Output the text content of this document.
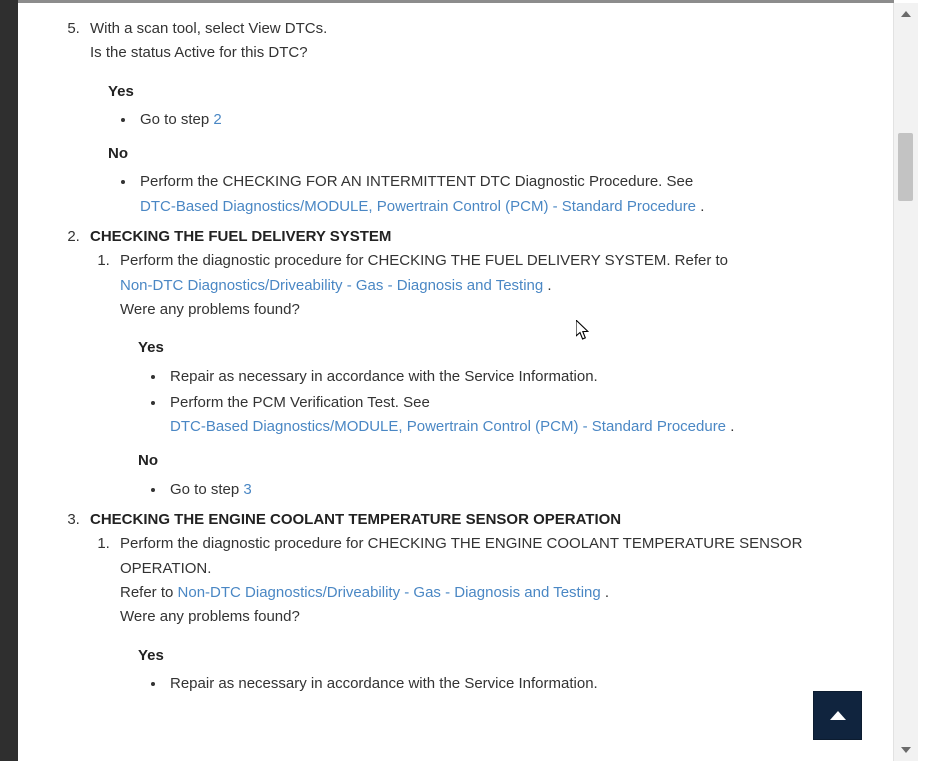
5. With a scan tool, select View DTCs.
Is the status Active for this DTC?
Yes
• Go to step 2
No
• Perform the CHECKING FOR AN INTERMITTENT DTC Diagnostic Procedure. See
DTC-Based Diagnostics/MODULE, Powertrain Control (PCM) - Standard Procedure .
2. CHECKING THE FUEL DELIVERY SYSTEM
1. Perform the diagnostic procedure for CHECKING THE FUEL DELIVERY SYSTEM. Refer to
Non-DTC Diagnostics/Driveability - Gas - Diagnosis and Testing .
Were any problems found?
Yes
• Repair as necessary in accordance with the Service Information.
• Perform the PCM Verification Test. See
DTC-Based Diagnostics/MODULE, Powertrain Control (PCM) - Standard Procedure .
No
• Go to step 3
3. CHECKING THE ENGINE COOLANT TEMPERATURE SENSOR OPERATION
1. Perform the diagnostic procedure for CHECKING THE ENGINE COOLANT TEMPERATURE SENSOR OPERATION.
Refer to Non-DTC Diagnostics/Driveability - Gas - Diagnosis and Testing .
Were any problems found?
Yes
• Repair as necessary in accordance with the Service Information.
